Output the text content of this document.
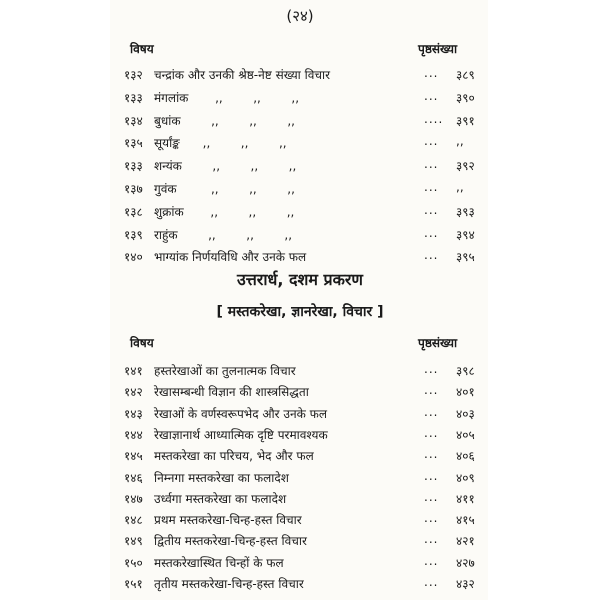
(२४)
विषय	पृष्ठसंख्या
१३२ चन्द्रांक और उनकी श्रेष्ठ-नेष्ट संख्या विचार	... ३८९
१३३ मंगलांक       ,,        ,,        ,,	... ३९०
१३४ बुधांक        ,,        ,,        ,,	.... ३९१
१३५ सूर्यांङ्क      ,,        ,,        ,,	... ,,
१३३ शन्यंक        ,,        ,,        ,,	... ३९२
१३७ गुवंक         ,,        ,,        ,,	... ,,
१३८ शुक्रांक       ,,        ,,        ,,	... ३९३
१३९ राहुंक        ,,        ,,        ,,	... ३९४
१४० भाग्यांक निर्णयविधि और उनके फल	... ३९५
उत्तरार्ध, दशम प्रकरण
[ मस्तकरेखा, ज्ञानरेखा, विचार ]
विषय	पृष्ठसंख्या
१४१ हस्तरेखाओं का तुलनात्मक विचार	... ३९८
१४२ रेखासम्बन्धी विज्ञान की शास्त्रसिद्धता	... ४०१
१४३ रेखाओं के वर्णस्वरूपभेद और उनके फल	... ४०३
१४४ रेखाज्ञानार्थ आध्यात्मिक दृष्टि परमावश्यक	... ४०५
१४५ मस्तकरेखा का परिचय, भेद और फल	... ४०६
१४६ निम्नगा मस्तकरेखा का फलादेश	... ४०९
१४७ उर्ध्वगा मस्तकरेखा का फलादेश	... ४११
१४८ प्रथम मस्तकरेखा-चिन्ह-हस्त विचार	... ४१५
१४९ द्वितीय मस्तकरेखा-चिन्ह-हस्त विचार	... ४२१
१५० मस्तकरेखास्थित चिन्हों के फल	... ४२७
१५१ तृतीय मस्तकरेखा-चिन्ह-हस्त विचार	... ४३२
